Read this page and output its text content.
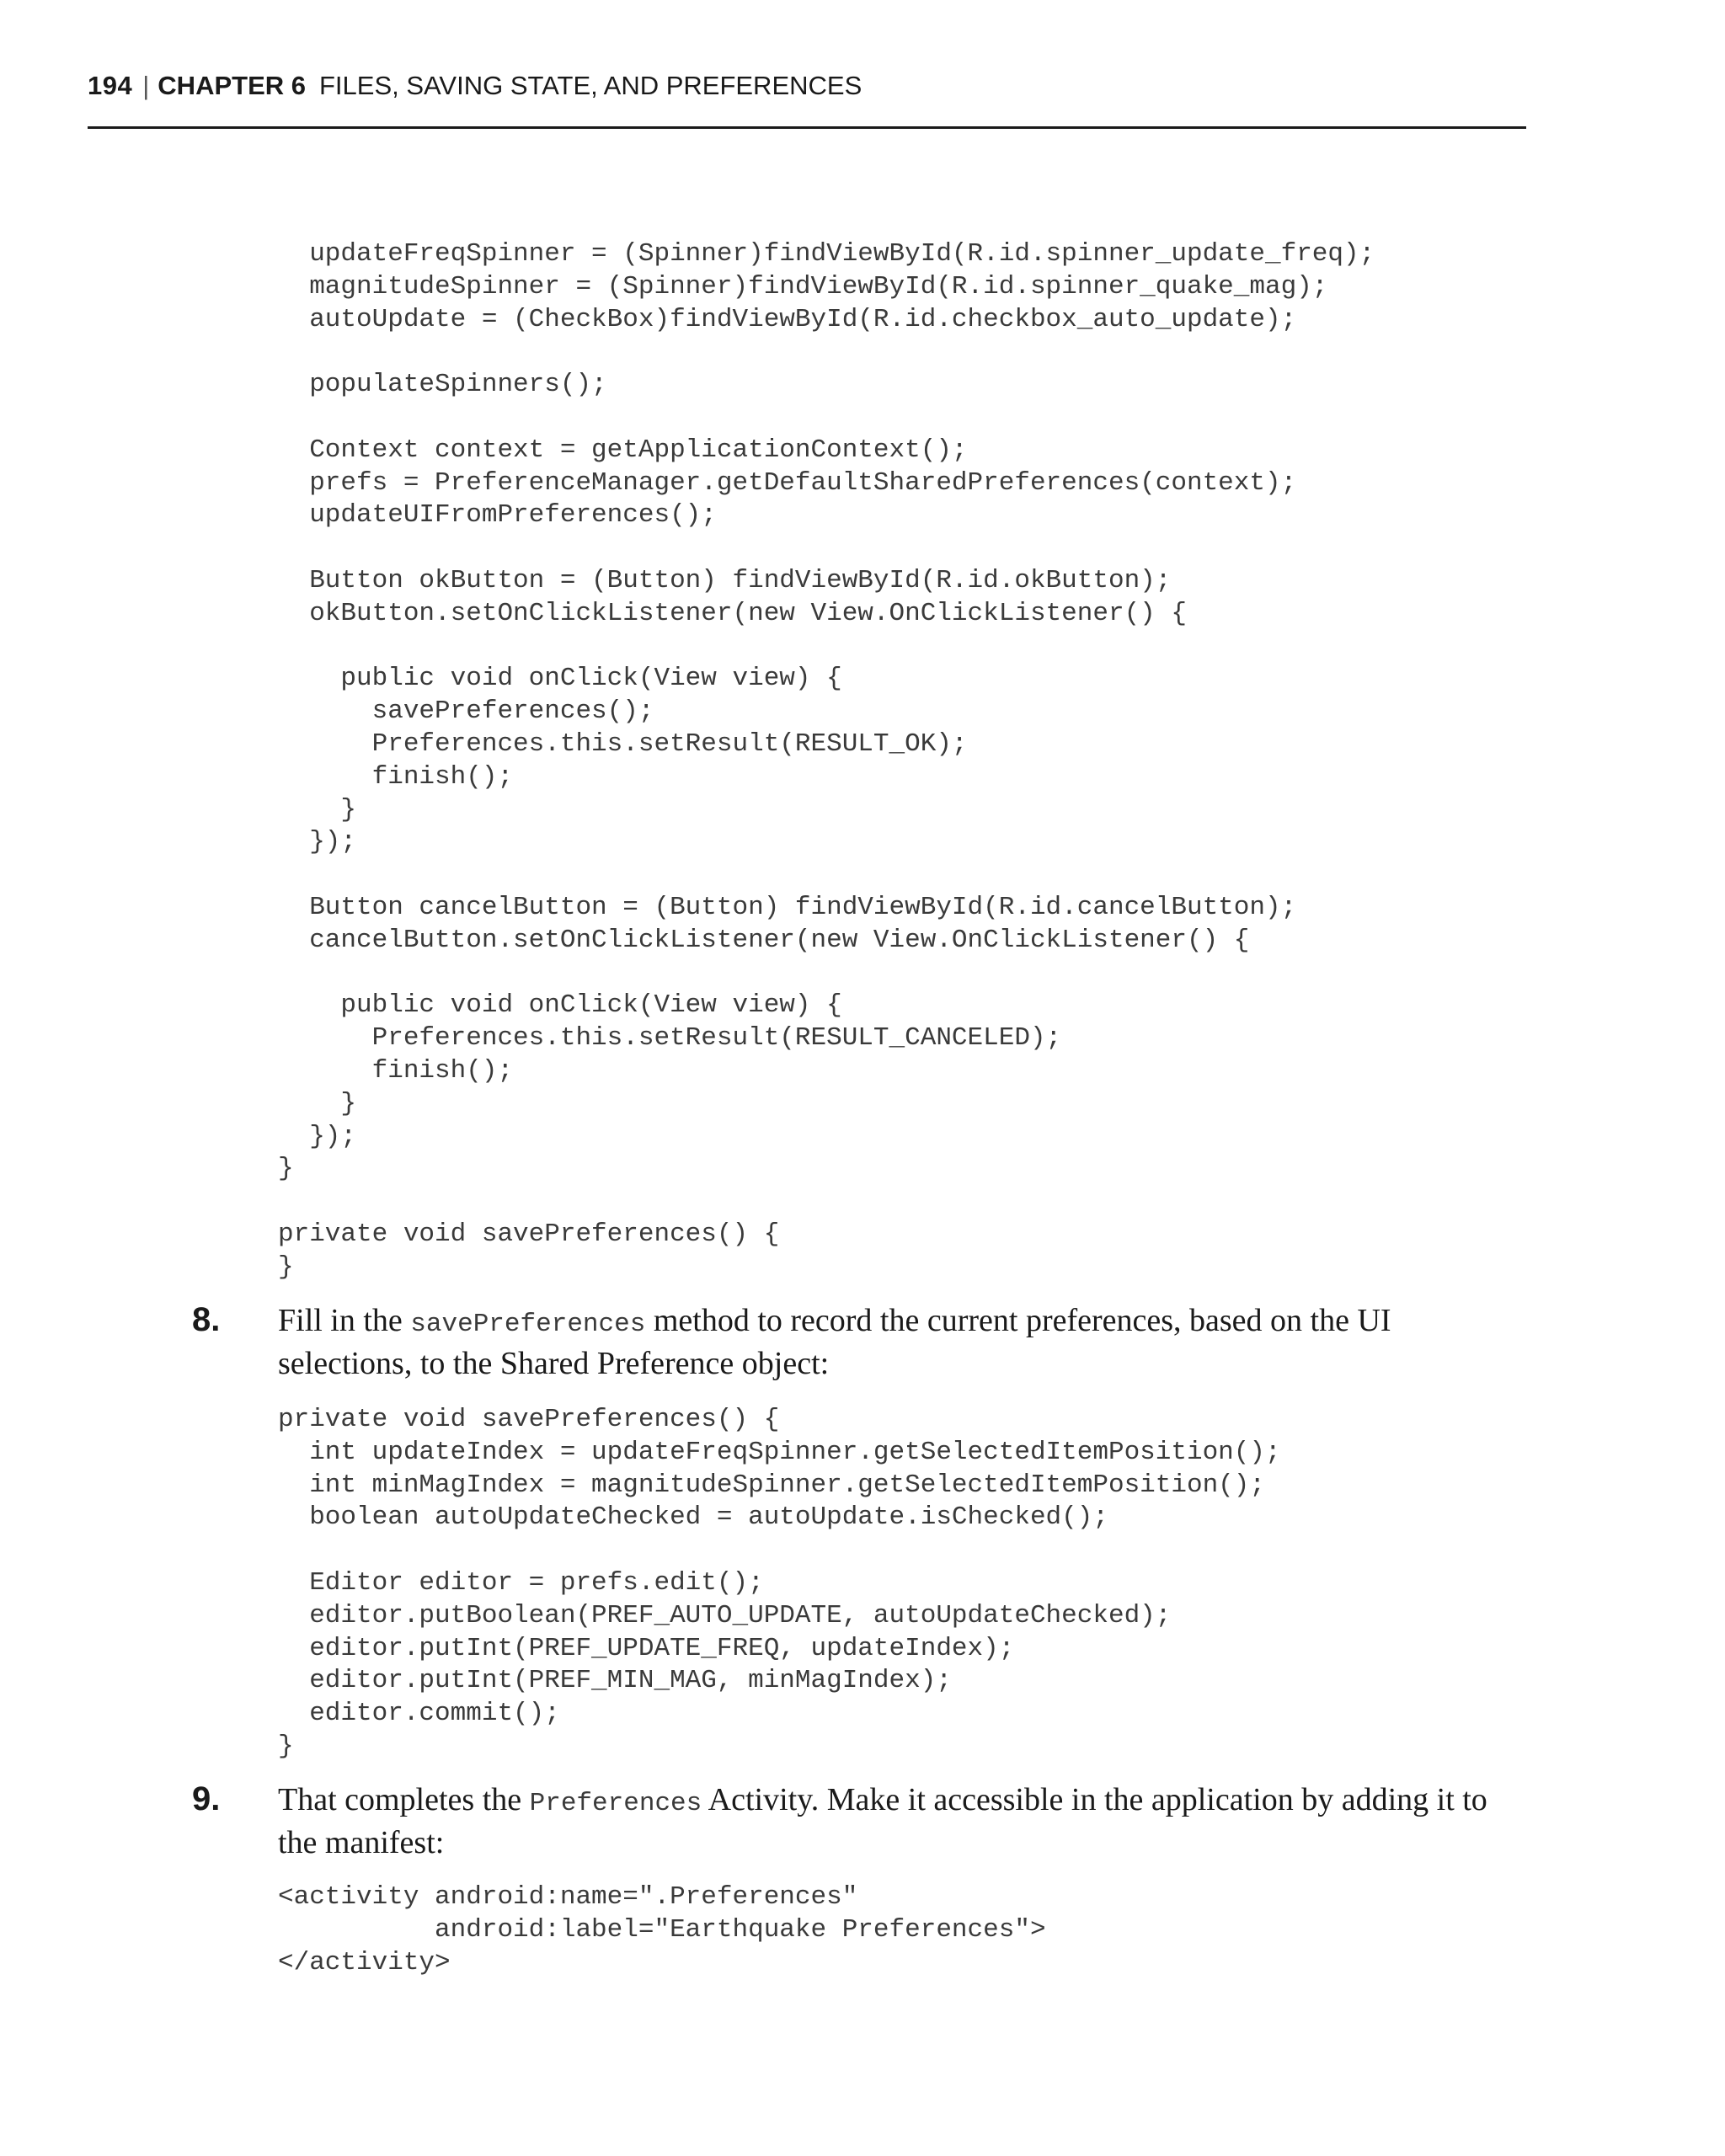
194 | CHAPTER 6 FILES, SAVING STATE, AND PREFERENCES
updateFreqSpinner = (Spinner)findViewById(R.id.spinner_update_freq);
magnitudeSpinner = (Spinner)findViewById(R.id.spinner_quake_mag);
autoUpdate = (CheckBox)findViewById(R.id.checkbox_auto_update);

populateSpinners();

Context context = getApplicationContext();
prefs = PreferenceManager.getDefaultSharedPreferences(context);
updateUIFromPreferences();

Button okButton = (Button) findViewById(R.id.okButton);
okButton.setOnClickListener(new View.OnClickListener() {

public void onClick(View view) {
savePreferences();
Preferences.this.setResult(RESULT_OK);
finish();
}
});

Button cancelButton = (Button) findViewById(R.id.cancelButton);
cancelButton.setOnClickListener(new View.OnClickListener() {

public void onClick(View view) {
Preferences.this.setResult(RESULT_CANCELED);
finish();
}
});
}

private void savePreferences() {
}
8. Fill in the savePreferences method to record the current preferences, based on the UI selections, to the Shared Preference object:

private void savePreferences() {
int updateIndex = updateFreqSpinner.getSelectedItemPosition();
int minMagIndex = magnitudeSpinner.getSelectedItemPosition();
boolean autoUpdateChecked = autoUpdate.isChecked();

Editor editor = prefs.edit();
editor.putBoolean(PREF_AUTO_UPDATE, autoUpdateChecked);
editor.putInt(PREF_UPDATE_FREQ, updateIndex);
editor.putInt(PREF_MIN_MAG, minMagIndex);
editor.commit();
}
9. That completes the Preferences Activity. Make it accessible in the application by adding it to the manifest:

<activity android:name=".Preferences"
android:label="Earthquake Preferences">
</activity>
